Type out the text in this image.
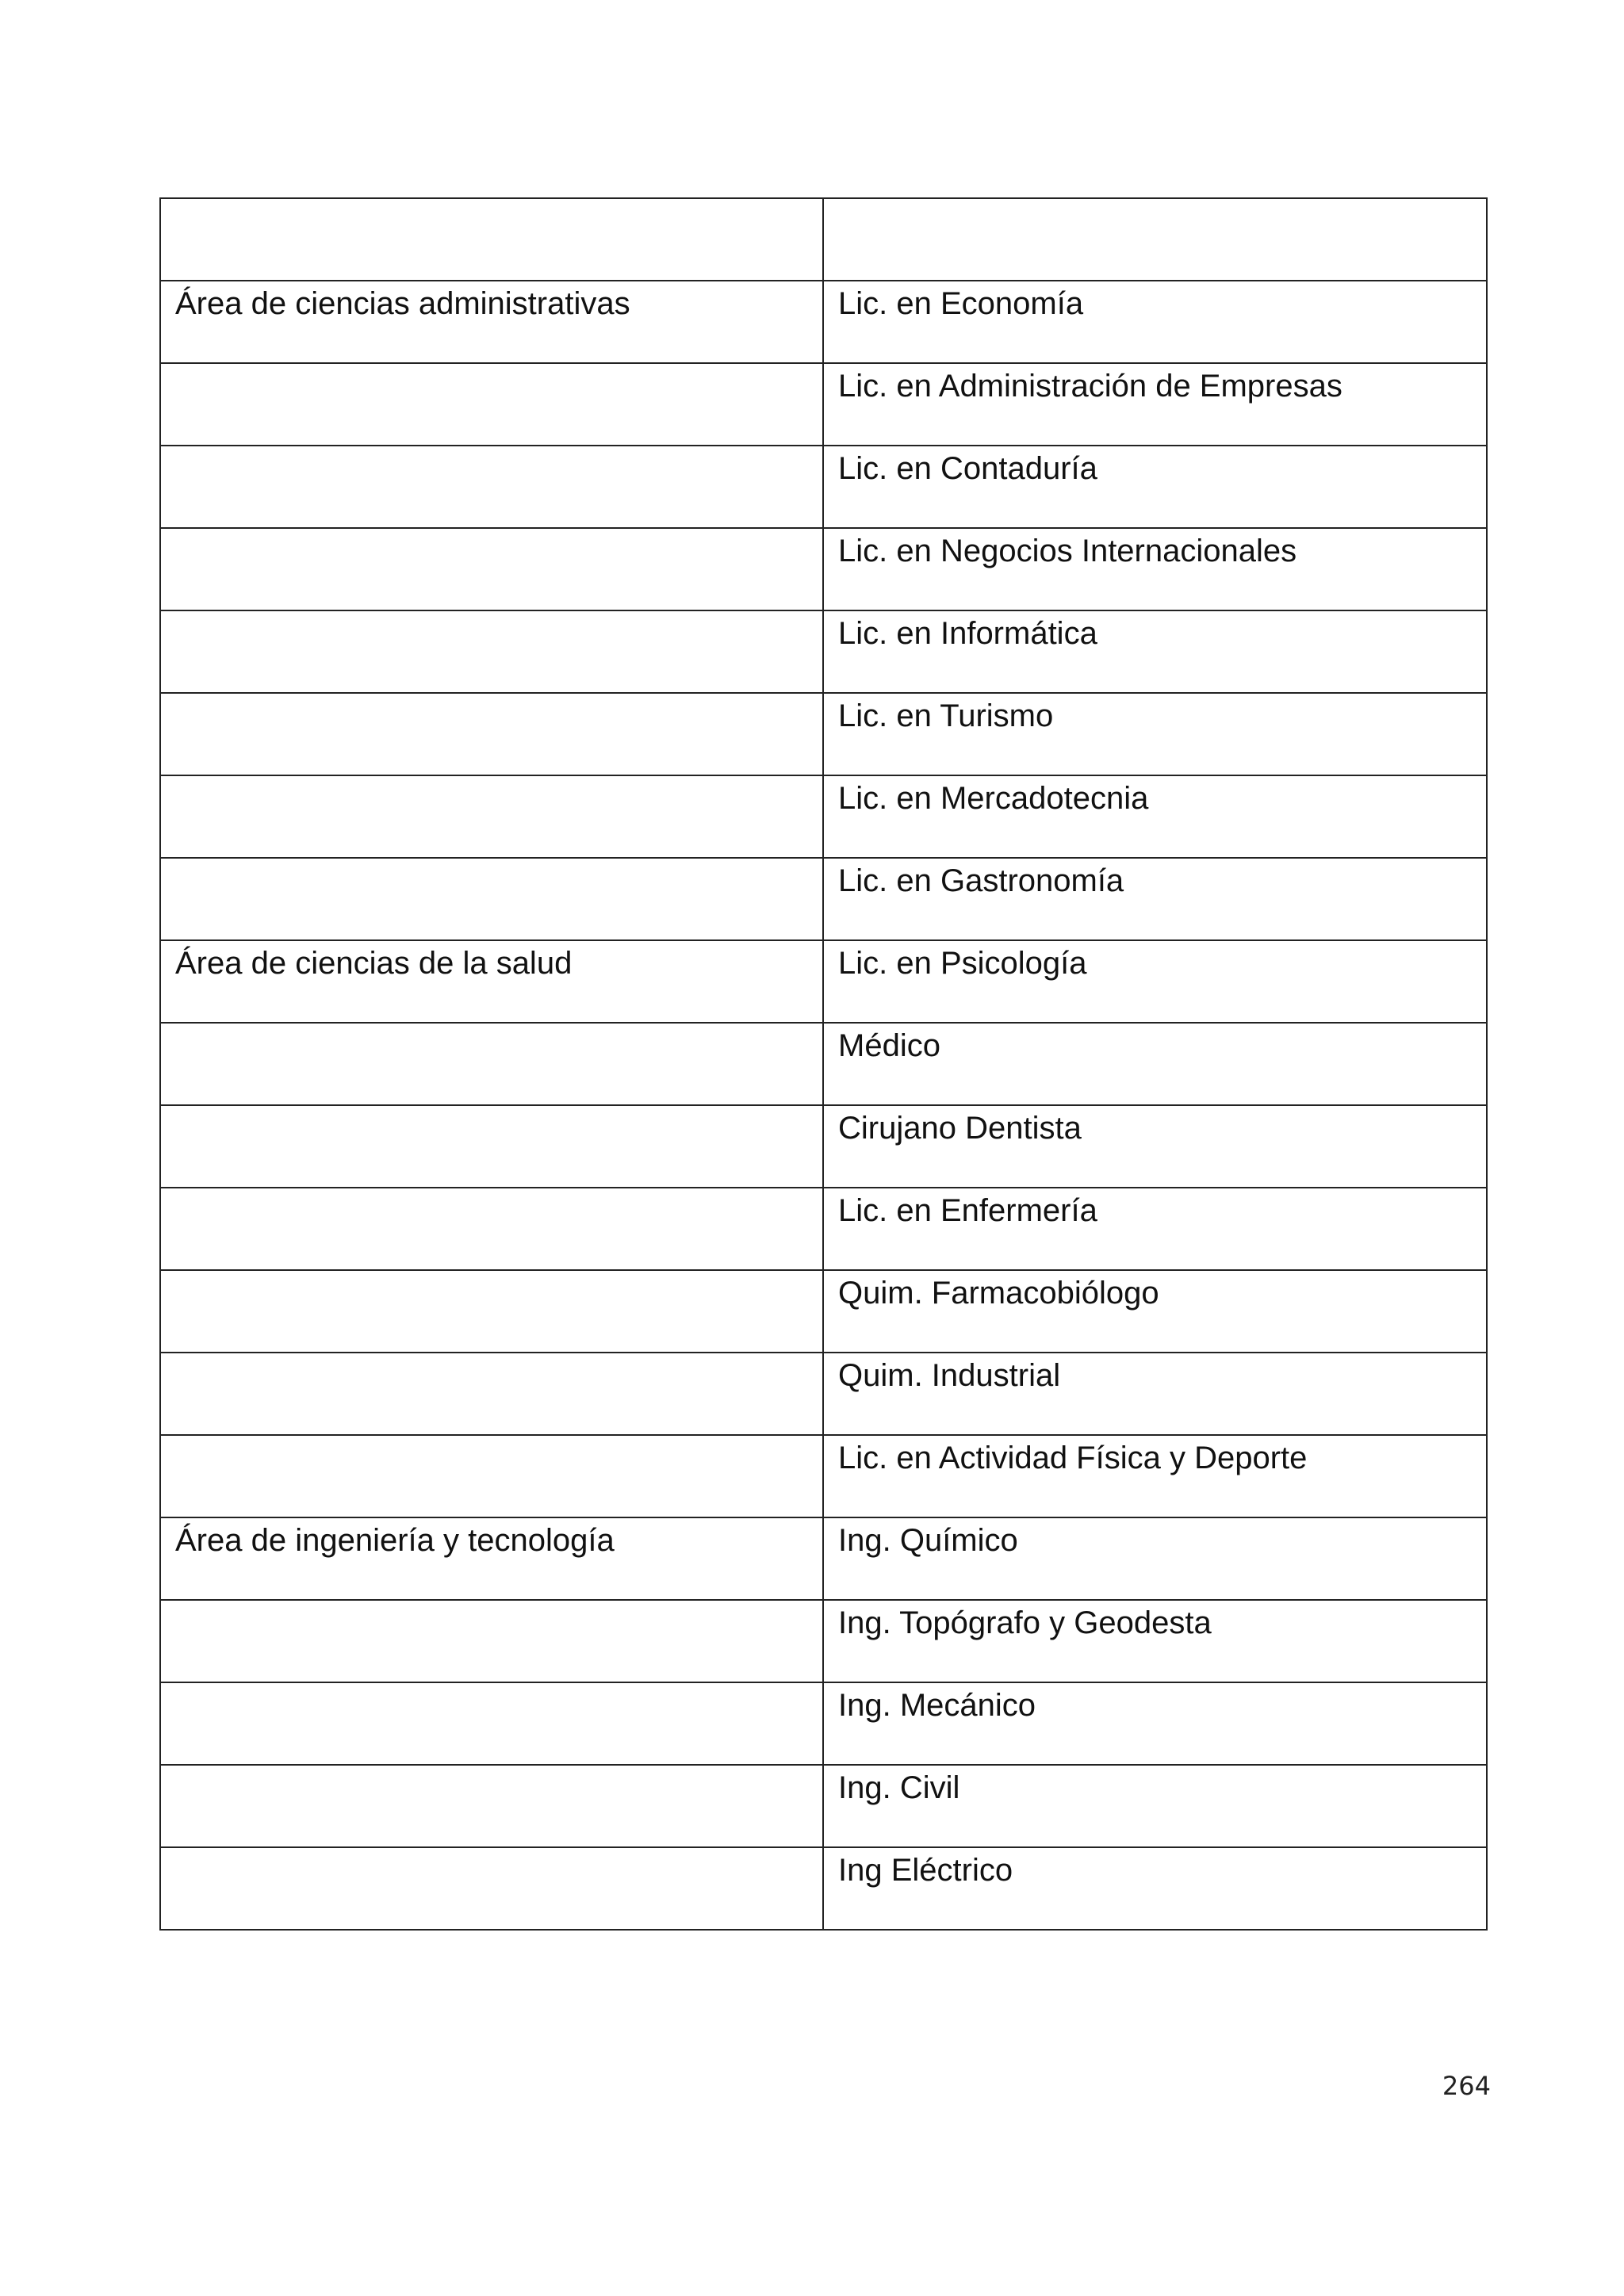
Área de ciencias administrativas	Lic. en Economía

	Lic. en Administración de Empresas

	Lic. en Contaduría

	Lic. en Negocios Internacionales

	Lic. en Informática

	Lic. en Turismo

	Lic. en Mercadotecnia

	Lic. en Gastronomía

Área de ciencias de la salud	Lic. en Psicología

	Médico

	Cirujano Dentista

	Lic. en Enfermería

	Quim. Farmacobiólogo

	Quim. Industrial

	Lic. en Actividad Física y Deporte

Área de ingeniería y tecnología	Ing. Químico

	Ing. Topógrafo y Geodesta

	Ing. Mecánico

	Ing. Civil

	Ing Eléctrico
264
